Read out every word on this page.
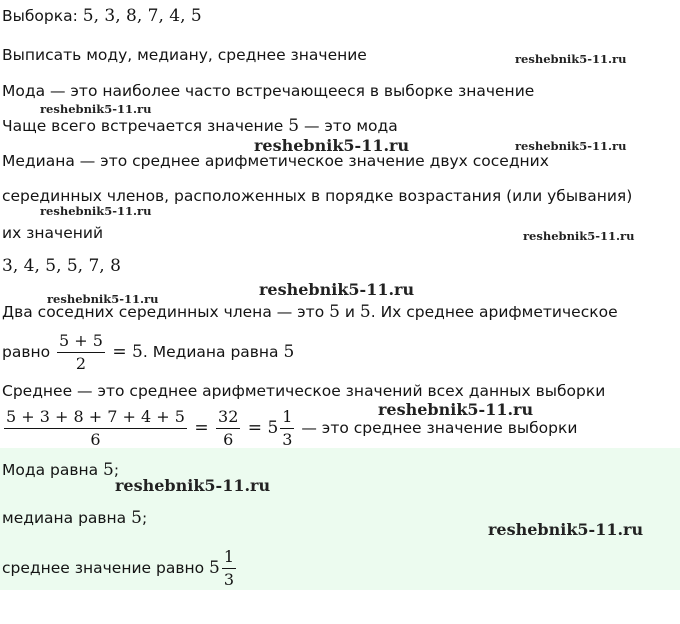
Выборка: 5, 3, 8, 7, 4, 5
Выписать моду, медиану, среднее значение
Мода — это наиболее часто встречающееся в выборке значение
Чаще всего встречается значение 5 — это мода
Медиана — это среднее арифметическое значение двух соседних
серединных членов, расположенных в порядке возрастания (или убывания)
их значений
3, 4, 5, 5, 7, 8
Два соседних серединных члена — это 5 и 5. Их среднее арифметическое
равно $\frac{5 + 5}{2} = 5$. Медиана равна 5
Среднее — это среднее арифметическое значений всех данных выборки
$\frac{5 + 3 + 8 + 7 + 4 + 5}{6} = \frac{32}{6} = 5 \frac{1}{3}$ — это среднее значение выборки
Мода равна 5;
медиана равна 5;
среднее значение равно $5 \frac{1}{3}$
reshebnik5-11.ru
reshebnik5-11.ru
reshebnik5-11.ru	reshebnik5-11.ru
reshebnik5-11.ru
reshebnik5-11.ru
reshebnik5-11.ru
reshebnik5-11.ru
reshebnik5-11.ru
reshebnik5-11.ru
reshebnik5-11.ru
